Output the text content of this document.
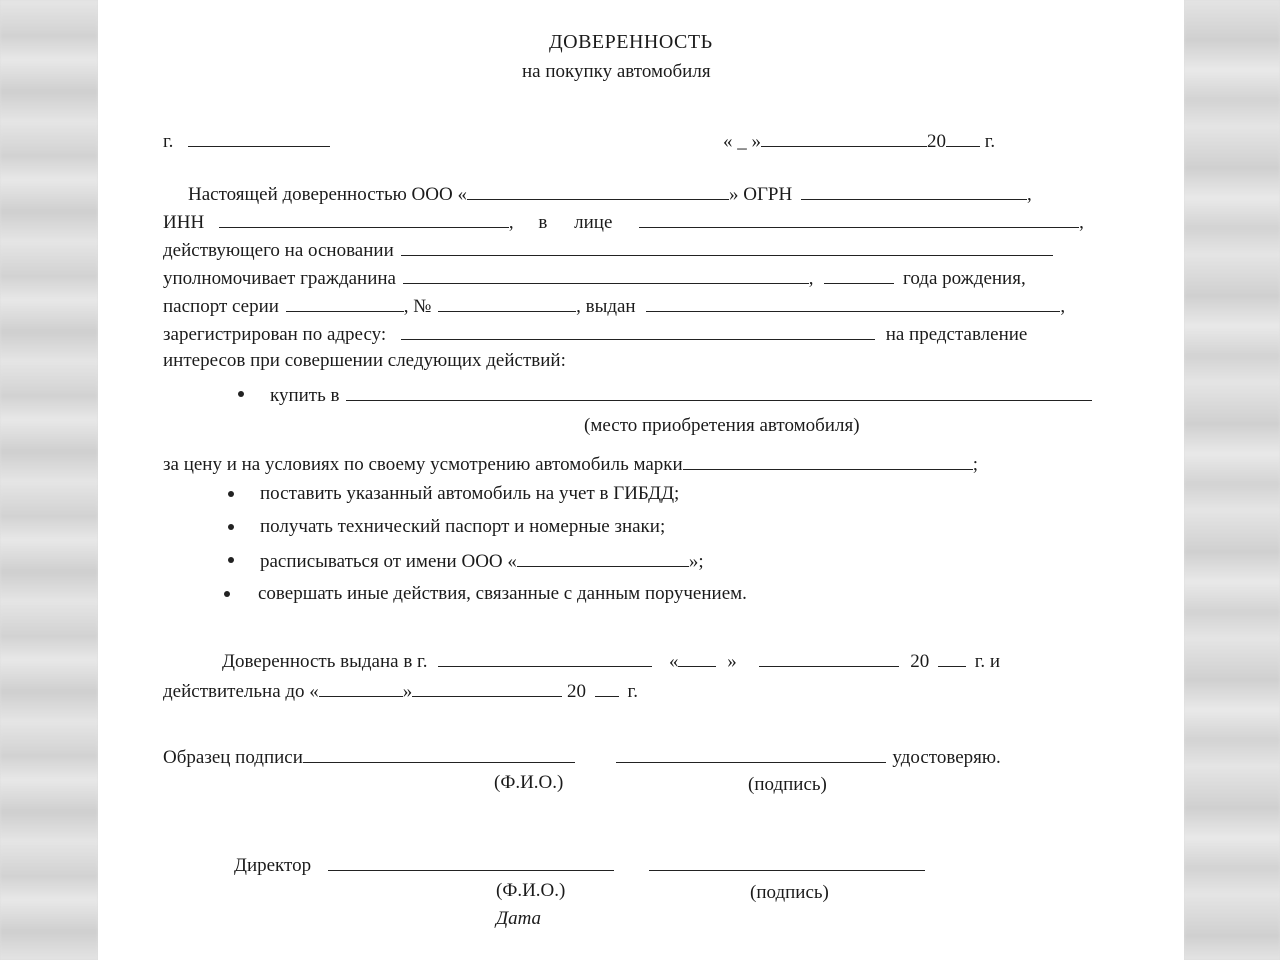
ДОВЕРЕННОСТЬ
на покупку автомобиля
г.	« _ »	20 г.
Настоящей доверенностью ООО «	» ОГРН	,
ИНН	, в лице	,
действующего на основании
уполномочивает гражданина	,	года рождения,
паспорт серии	, №	, выдан	,
зарегистрирован по адресу:	на представление
интересов при совершении следующих действий:
купить в
(место приобретения автомобиля)
за цену и на условиях по своему усмотрению автомобиль марки	;
поставить указанный автомобиль на учет в ГИБДД;
получать технический паспорт и номерные знаки;
расписываться от имени ООО «	»;
совершать иные действия, связанные с данным поручением.
Доверенность выдана в г.	«	»	20 г. и
действительна до «	»	20 г.
Образец подписи	удостоверяю.
(Ф.И.О.)	(подпись)
Директор
(Ф.И.О.)	(подпись)
Дата
